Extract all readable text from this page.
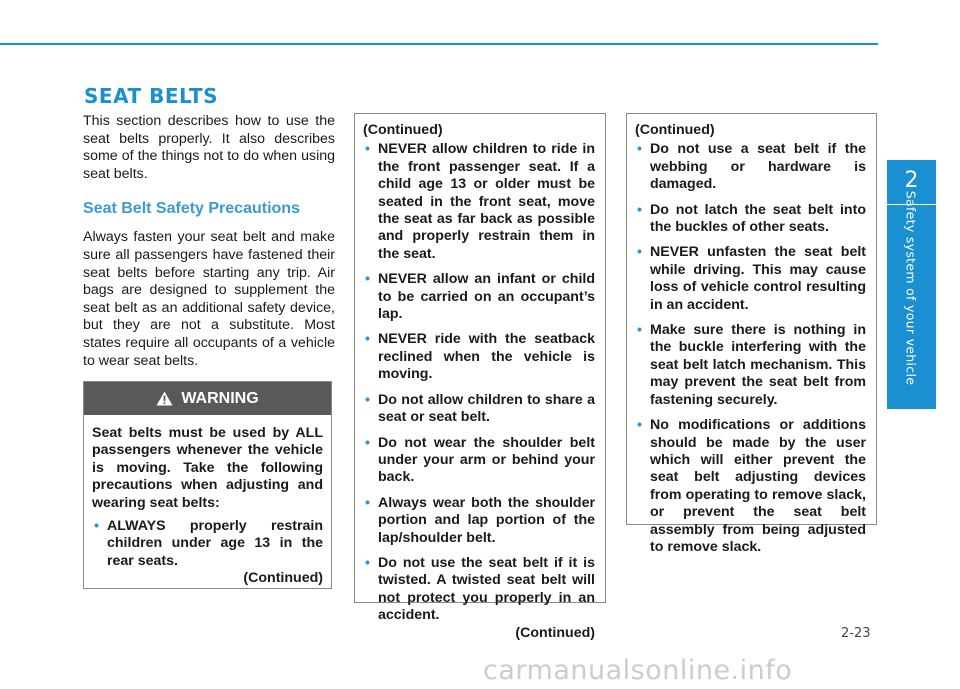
SEAT BELTS

This section describes how to use the seat belts properly. It also describes some of the things not to do when using seat belts.

Seat Belt Safety Precautions

Always fasten your seat belt and make sure all passengers have fastened their seat belts before starting any trip. Air bags are designed to supplement the seat belt as an additional safety device, but they are not a substitute. Most states require all occupants of a vehicle to wear seat belts.

WARNING

Seat belts must be used by ALL passengers whenever the vehicle is moving. Take the following precautions when adjusting and wearing seat belts:

• ALWAYS properly restrain children under age 13 in the rear seats.
(Continued)
(Continued)
• NEVER allow children to ride in the front passenger seat. If a child age 13 or older must be seated in the front seat, move the seat as far back as possible and properly restrain them in the seat.
• NEVER allow an infant or child to be carried on an occupant’s lap.
• NEVER ride with the seatback reclined when the vehicle is moving.
• Do not allow children to share a seat or seat belt.
• Do not wear the shoulder belt under your arm or behind your back.
• Always wear both the shoulder portion and lap portion of the lap/shoulder belt.
• Do not use the seat belt if it is twisted. A twisted seat belt will not protect you properly in an accident.
(Continued)
(Continued)
• Do not use a seat belt if the webbing or hardware is damaged.
• Do not latch the seat belt into the buckles of other seats.
• NEVER unfasten the seat belt while driving. This may cause loss of vehicle control resulting in an accident.
• Make sure there is nothing in the buckle interfering with the seat belt latch mechanism. This may prevent the seat belt from fastening securely.
• No modifications or additions should be made by the user which will either prevent the seat belt adjusting devices from operating to remove slack, or prevent the seat belt assembly from being adjusted to remove slack.
2
Safety system of your vehicle
2-23
carmanualsonline.info
